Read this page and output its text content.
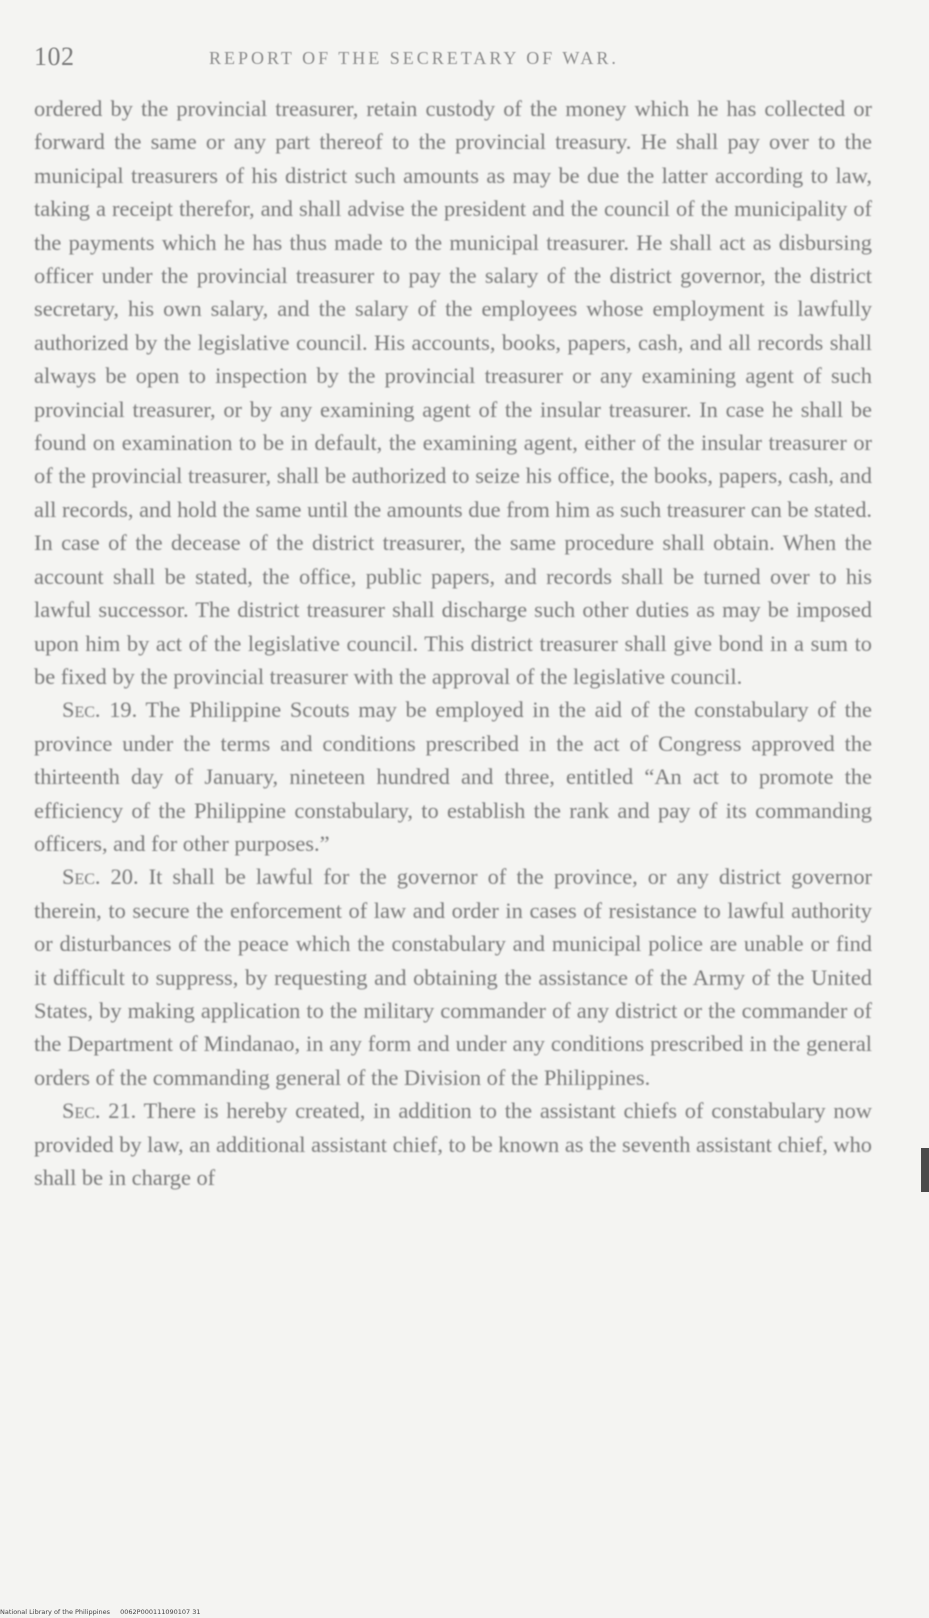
102	REPORT OF THE SECRETARY OF WAR.

ordered by the provincial treasurer, retain custody of the money which he has collected or forward the same or any part thereof to the provincial treasury. He shall pay over to the municipal treasurers of his district such amounts as may be due the latter according to law, taking a receipt therefor, and shall advise the president and the council of the municipality of the payments which he has thus made to the municipal treasurer. He shall act as disbursing officer under the provincial treasurer to pay the salary of the district governor, the district secretary, his own salary, and the salary of the employees whose employment is lawfully authorized by the legislative council. His accounts, books, papers, cash, and all records shall always be open to inspection by the provincial treasurer or any examining agent of such provincial treasurer, or by any examining agent of the insular treasurer. In case he shall be found on examination to be in default, the examining agent, either of the insular treasurer or of the provincial treasurer, shall be authorized to seize his office, the books, papers, cash, and all records, and hold the same until the amounts due from him as such treasurer can be stated. In case of the decease of the district treasurer, the same procedure shall obtain. When the account shall be stated, the office, public papers, and records shall be turned over to his lawful successor. The district treasurer shall discharge such other duties as may be imposed upon him by act of the legislative council. This district treasurer shall give bond in a sum to be fixed by the provincial treasurer with the approval of the legislative council.

Sec. 19. The Philippine Scouts may be employed in the aid of the constabulary of the province under the terms and conditions prescribed in the act of Congress approved the thirteenth day of January, nineteen hundred and three, entitled “An act to promote the efficiency of the Philippine constabulary, to establish the rank and pay of its commanding officers, and for other purposes.”

Sec. 20. It shall be lawful for the governor of the province, or any district governor therein, to secure the enforcement of law and order in cases of resistance to lawful authority or disturbances of the peace which the constabulary and municipal police are unable or find it difficult to suppress, by requesting and obtaining the assistance of the Army of the United States, by making application to the military commander of any district or the commander of the Department of Mindanao, in any form and under any conditions prescribed in the general orders of the commanding general of the Division of the Philippines.

Sec. 21. There is hereby created, in addition to the assistant chiefs of constabulary now provided by law, an additional assistant chief, to be known as the seventh assistant chief, who shall be in charge of

National Library of the Philippines 0062P000111090107 31
